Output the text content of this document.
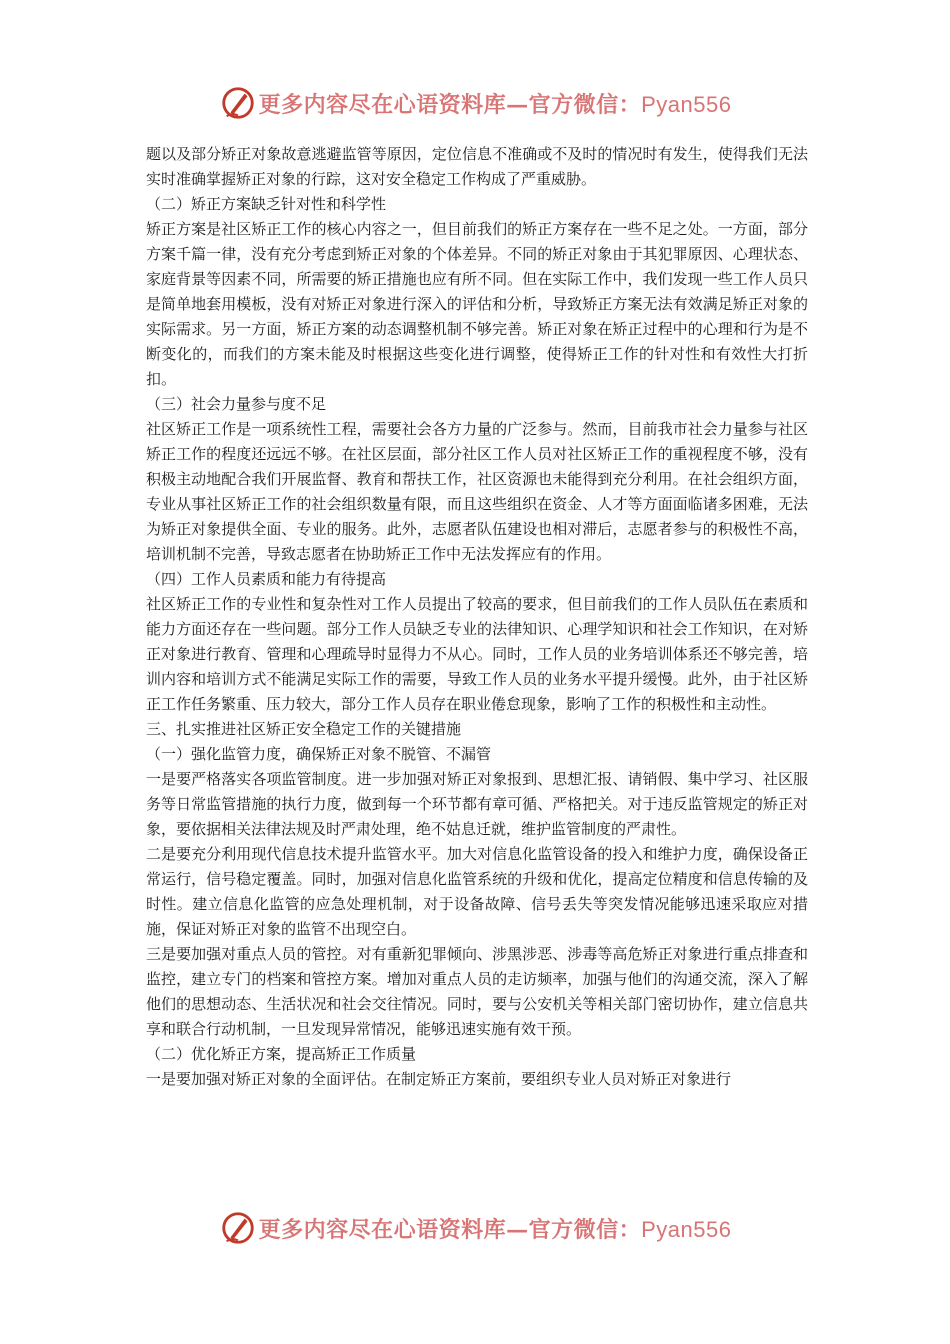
更多内容尽在心语资料库—官方微信：Pyan556

题以及部分矫正对象故意逃避监管等原因，定位信息不准确或不及时的情况时有发生，使得我们无法实时准确掌握矫正对象的行踪，这对安全稳定工作构成了严重威胁。

（二）矫正方案缺乏针对性和科学性

矫正方案是社区矫正工作的核心内容之一，但目前我们的矫正方案存在一些不足之处。一方面，部分方案千篇一律，没有充分考虑到矫正对象的个体差异。不同的矫正对象由于其犯罪原因、心理状态、家庭背景等因素不同，所需要的矫正措施也应有所不同。但在实际工作中，我们发现一些工作人员只是简单地套用模板，没有对矫正对象进行深入的评估和分析，导致矫正方案无法有效满足矫正对象的实际需求。另一方面，矫正方案的动态调整机制不够完善。矫正对象在矫正过程中的心理和行为是不断变化的，而我们的方案未能及时根据这些变化进行调整，使得矫正工作的针对性和有效性大打折扣。

（三）社会力量参与度不足

社区矫正工作是一项系统性工程，需要社会各方力量的广泛参与。然而，目前我市社会力量参与社区矫正工作的程度还远远不够。在社区层面，部分社区工作人员对社区矫正工作的重视程度不够，没有积极主动地配合我们开展监督、教育和帮扶工作，社区资源也未能得到充分利用。在社会组织方面，专业从事社区矫正工作的社会组织数量有限，而且这些组织在资金、人才等方面面临诸多困难，无法为矫正对象提供全面、专业的服务。此外，志愿者队伍建设也相对滞后，志愿者参与的积极性不高，培训机制不完善，导致志愿者在协助矫正工作中无法发挥应有的作用。

（四）工作人员素质和能力有待提高

社区矫正工作的专业性和复杂性对工作人员提出了较高的要求，但目前我们的工作人员队伍在素质和能力方面还存在一些问题。部分工作人员缺乏专业的法律知识、心理学知识和社会工作知识，在对矫正对象进行教育、管理和心理疏导时显得力不从心。同时，工作人员的业务培训体系还不够完善，培训内容和培训方式不能满足实际工作的需要，导致工作人员的业务水平提升缓慢。此外，由于社区矫正工作任务繁重、压力较大，部分工作人员存在职业倦怠现象，影响了工作的积极性和主动性。

三、扎实推进社区矫正安全稳定工作的关键措施

（一）强化监管力度，确保矫正对象不脱管、不漏管

一是要严格落实各项监管制度。进一步加强对矫正对象报到、思想汇报、请销假、集中学习、社区服务等日常监管措施的执行力度，做到每一个环节都有章可循、严格把关。对于违反监管规定的矫正对象，要依据相关法律法规及时严肃处理，绝不姑息迁就，维护监管制度的严肃性。

二是要充分利用现代信息技术提升监管水平。加大对信息化监管设备的投入和维护力度，确保设备正常运行，信号稳定覆盖。同时，加强对信息化监管系统的升级和优化，提高定位精度和信息传输的及时性。建立信息化监管的应急处理机制，对于设备故障、信号丢失等突发情况能够迅速采取应对措施，保证对矫正对象的监管不出现空白。

三是要加强对重点人员的管控。对有重新犯罪倾向、涉黑涉恶、涉毒等高危矫正对象进行重点排查和监控，建立专门的档案和管控方案。增加对重点人员的走访频率，加强与他们的沟通交流，深入了解他们的思想动态、生活状况和社会交往情况。同时，要与公安机关等相关部门密切协作，建立信息共享和联合行动机制，一旦发现异常情况，能够迅速实施有效干预。

（二）优化矫正方案，提高矫正工作质量

一是要加强对矫正对象的全面评估。在制定矫正方案前，要组织专业人员对矫正对象进行

更多内容尽在心语资料库—官方微信：Pyan556
